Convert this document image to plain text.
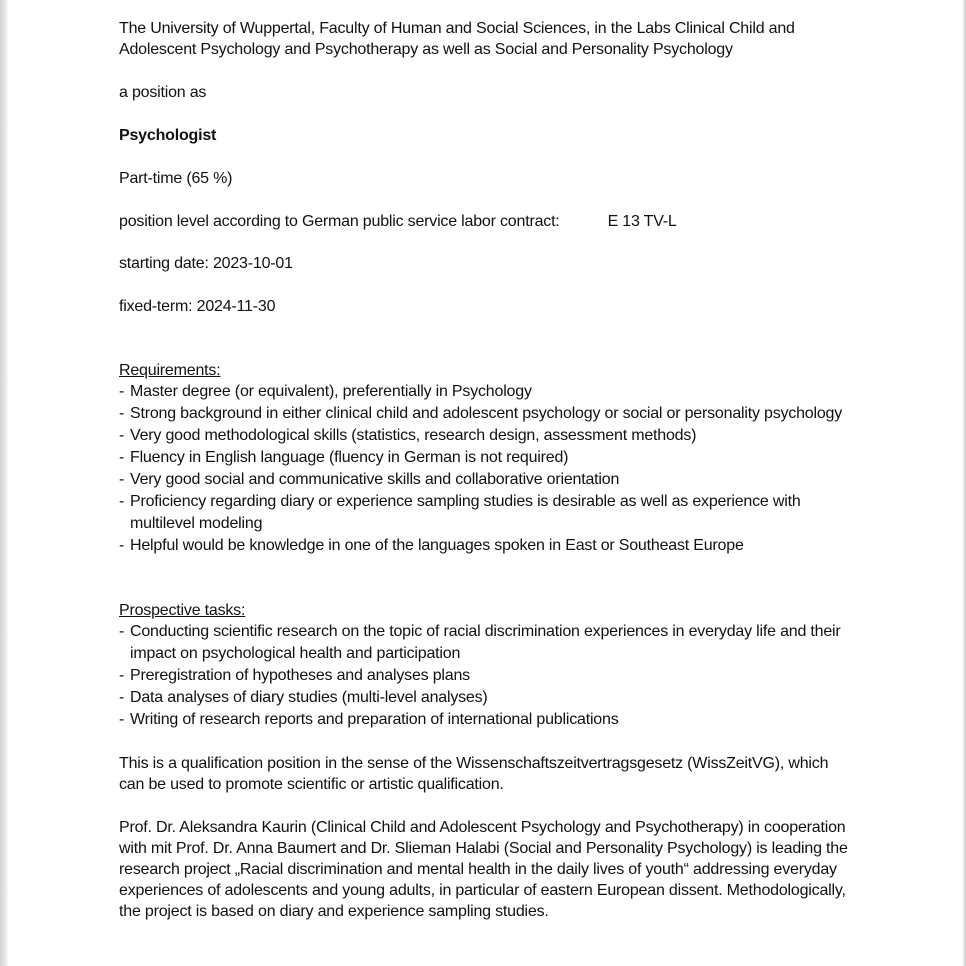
The University of Wuppertal, Faculty of Human and Social Sciences, in the Labs Clinical Child and Adolescent Psychology and Psychotherapy as well as Social and Personality Psychology

a position as

Psychologist

Part-time (65 %)

position level according to German public service labor contract:	E 13 TV-L

starting date: 2023-10-01

fixed-term: 2024-11-30

Requirements:

- Master degree (or equivalent), preferentially in Psychology
- Strong background in either clinical child and adolescent psychology or social or personality psychology
- Very good methodological skills (statistics, research design, assessment methods)
- Fluency in English language (fluency in German is not required)
- Very good social and communicative skills and collaborative orientation
- Proficiency regarding diary or experience sampling studies is desirable as well as experience with multilevel modeling
- Helpful would be knowledge in one of the languages spoken in East or Southeast Europe

Prospective tasks:

- Conducting scientific research on the topic of racial discrimination experiences in everyday life and their impact on psychological health and participation
- Preregistration of hypotheses and analyses plans
- Data analyses of diary studies (multi-level analyses)
- Writing of research reports and preparation of international publications

This is a qualification position in the sense of the Wissenschaftszeitvertragsgesetz (WissZeitVG), which can be used to promote scientific or artistic qualification.

Prof. Dr. Aleksandra Kaurin (Clinical Child and Adolescent Psychology and Psychotherapy) in cooperation with mit Prof. Dr. Anna Baumert and Dr. Slieman Halabi (Social and Personality Psychology) is leading the research project „Racial discrimination and mental health in the daily lives of youth“ addressing everyday experiences of adolescents and young adults, in particular of eastern European dissent. Methodologically, the project is based on diary and experience sampling studies.
